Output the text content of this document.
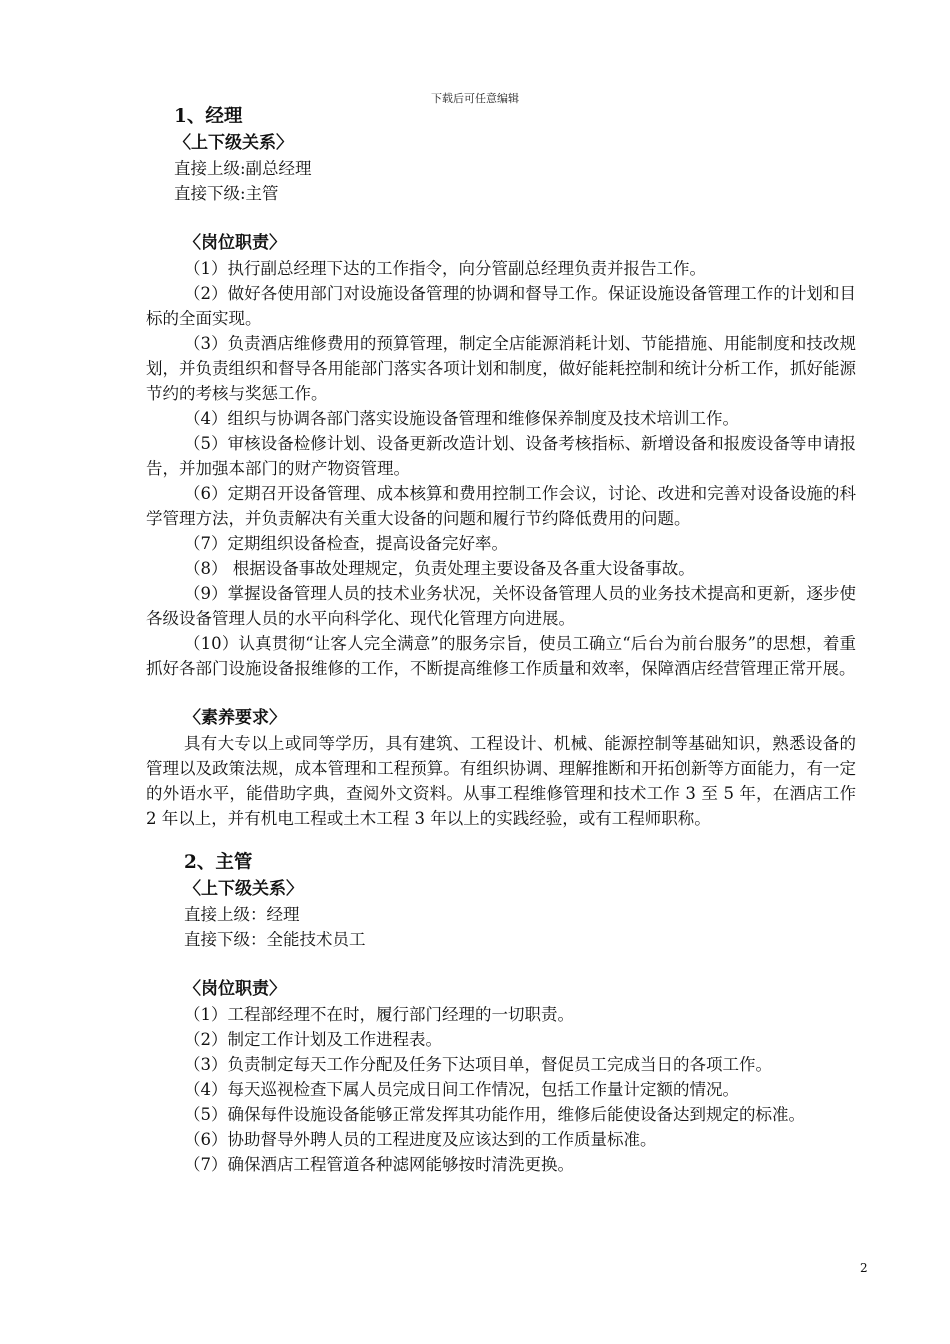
下载后可任意编辑
1、经理
〈上下级关系〉
直接上级:副总经理
直接下级:主管
〈岗位职责〉
（1）执行副总经理下达的工作指令，向分管副总经理负责并报告工作。
（2）做好各使用部门对设施设备管理的协调和督导工作。保证设施设备管理工作的计划和目标的全面实现。
（3）负责酒店维修费用的预算管理，制定全店能源消耗计划、节能措施、用能制度和技改规划，并负责组织和督导各用能部门落实各项计划和制度，做好能耗控制和统计分析工作，抓好能源节约的考核与奖惩工作。
（4）组织与协调各部门落实设施设备管理和维修保养制度及技术培训工作。
（5）审核设备检修计划、设备更新改造计划、设备考核指标、新增设备和报废设备等申请报告，并加强本部门的财产物资管理。
（6）定期召开设备管理、成本核算和费用控制工作会议，讨论、改进和完善对设备设施的科学管理方法，并负责解决有关重大设备的问题和履行节约降低费用的问题。
（7）定期组织设备检查，提高设备完好率。
（8） 根据设备事故处理规定，负责处理主要设备及各重大设备事故。
（9）掌握设备管理人员的技术业务状况，关怀设备管理人员的业务技术提高和更新，逐步使各级设备管理人员的水平向科学化、现代化管理方向进展。
（10）认真贯彻“让客人完全满意”的服务宗旨，使员工确立“后台为前台服务”的思想，着重抓好各部门设施设备报维修的工作，不断提高维修工作质量和效率，保障酒店经营管理正常开展。
〈素养要求〉
具有大专以上或同等学历，具有建筑、工程设计、机械、能源控制等基础知识，熟悉设备的管理以及政策法规，成本管理和工程预算。有组织协调、理解推断和开拓创新等方面能力，有一定的外语水平，能借助字典，查阅外文资料。从事工程维修管理和技术工作 3 至 5 年，在酒店工作 2 年以上，并有机电工程或土木工程 3 年以上的实践经验，或有工程师职称。
2、主管
〈上下级关系〉
直接上级：经理
直接下级：全能技术员工
〈岗位职责〉
（1）工程部经理不在时，履行部门经理的一切职责。
（2）制定工作计划及工作进程表。
（3）负责制定每天工作分配及任务下达项目单，督促员工完成当日的各项工作。
（4）每天巡视检查下属人员完成日间工作情况，包括工作量计定额的情况。
（5）确保每件设施设备能够正常发挥其功能作用，维修后能使设备达到规定的标准。
（6）协助督导外聘人员的工程进度及应该达到的工作质量标准。
（7）确保酒店工程管道各种滤网能够按时清洗更换。
2
